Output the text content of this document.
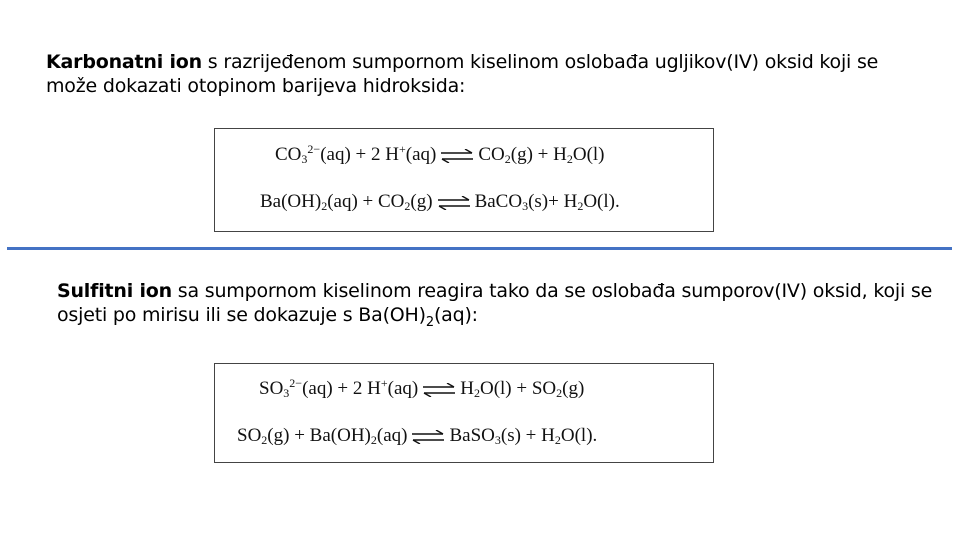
Karbonatni ion s razrijeđenom sumpornom kiselinom oslobađa ugljikov(IV) oksid koji se može dokazati otopinom barijeva hidroksida:
$CO_3^{2-}(aq) + 2$ H+(aq) ⇌ $CO_2(g) + H_2O(l)$
$Ba(OH)_2(aq) + CO_2(g)$ ⇌ BaCO$_3$(s)+ $H_2O(l)$.
Sulfitni ion sa sumpornom kiselinom reagira tako da se oslobađa sumporov(IV) oksid, koji se osjeti po mirisu ili se dokazuje s $Ba(OH)_2(aq)$:
$SO_3^{2-}(aq) + 2$ H+(aq) ⇌ $H_2O(l) + SO_2(g)$
$SO_2(g) + Ba(OH)_2(aq)$ ⇌ BaSO$_3$(s) + $H_2O(l)$.
